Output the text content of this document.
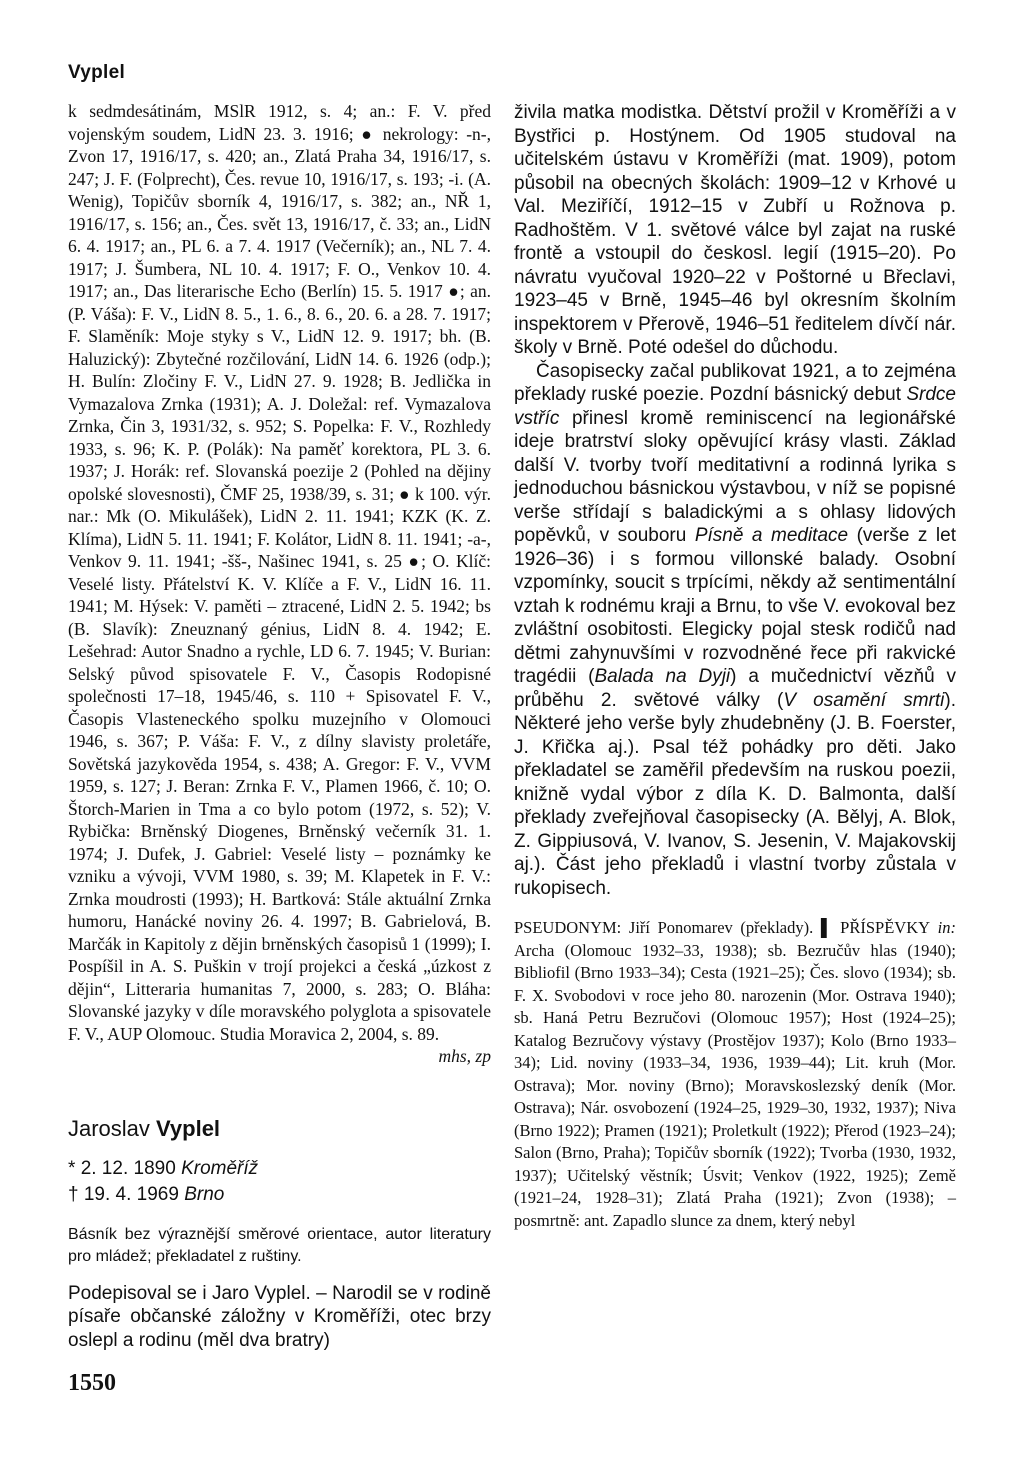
Vyplel
k sedmdesátinám, MSlR 1912, s. 4; an.: F. V. před vojenským soudem, LidN 23. 3. 1916; ● nekrology: -n-, Zvon 17, 1916/17, s. 420; an., Zlatá Praha 34, 1916/17, s. 247; J. F. (Folprecht), Čes. revue 10, 1916/17, s. 193; -i. (A. Wenig), Topičův sborník 4, 1916/17, s. 382; an., NŘ 1, 1916/17, s. 156; an., Čes. svět 13, 1916/17, č. 33; an., LidN 6. 4. 1917; an., PL 6. a 7. 4. 1917 (Večerník); an., NL 7. 4. 1917; J. Šumbera, NL 10. 4. 1917; F. O., Venkov 10. 4. 1917; an., Das literarische Echo (Berlín) 15. 5. 1917 ●; an. (P. Váša): F. V., LidN 8. 5., 1. 6., 8. 6., 20. 6. a 28. 7. 1917; F. Slaměník: Moje styky s V., LidN 12. 9. 1917; bh. (B. Haluzický): Zbytečné rozčilování, LidN 14. 6. 1926 (odp.); H. Bulín: Zločiny F. V., LidN 27. 9. 1928; B. Jedlička in Vymazalova Zrnka (1931); A. J. Doležal: ref. Vymazalova Zrnka, Čin 3, 1931/32, s. 952; S. Popelka: F. V., Rozhledy 1933, s. 96; K. P. (Polák): Na paměť korektora, PL 3. 6. 1937; J. Horák: ref. Slovanská poezije 2 (Pohled na dějiny opolské slovesnosti), ČMF 25, 1938/39, s. 31; ● k 100. výr. nar.: Mk (O. Mikulášek), LidN 2. 11. 1941; KZK (K. Z. Klíma), LidN 5. 11. 1941; F. Kolátor, LidN 8. 11. 1941; -a-, Venkov 9. 11. 1941; -šš-, Našinec 1941, s. 25 ●; O. Klíč: Veselé listy. Přátelství K. V. Klíče a F. V., LidN 16. 11. 1941; M. Hýsek: V. paměti – ztracené, LidN 2. 5. 1942; bs (B. Slavík): Zneuznaný génius, LidN 8. 4. 1942; E. Lešehrad: Autor Snadno a rychle, LD 6. 7. 1945; V. Burian: Selský původ spisovatele F. V., Časopis Rodopisné společnosti 17–18, 1945/46, s. 110 + Spisovatel F. V., Časopis Vlasteneckého spolku muzejního v Olomouci 1946, s. 367; P. Váša: F. V., z dílny slavisty proletáře, Sovětská jazykověda 1954, s. 438; A. Gregor: F. V., VVM 1959, s. 127; J. Beran: Zrnka F. V., Plamen 1966, č. 10; O. Štorch-Marien in Tma a co bylo potom (1972, s. 52); V. Rybička: Brněnský Diogenes, Brněnský večerník 31. 1. 1974; J. Dufek, J. Gabriel: Veselé listy – poznámky ke vzniku a vývoji, VVM 1980, s. 39; M. Klapetek in F. V.: Zrnka moudrosti (1993); H. Bartková: Stále aktuální Zrnka humoru, Hanácké noviny 26. 4. 1997; B. Gabrielová, B. Marčák in Kapitoly z dějin brněnských časopisů 1 (1999); I. Pospíšil in A. S. Puškin v trojí projekci a česká „úzkost z dějin“, Litteraria humanitas 7, 2000, s. 283; O. Bláha: Slovanské jazyky v díle moravského polyglota a spisovatele F. V., AUP Olomouc. Studia Moravica 2, 2004, s. 89.
mhs, zp
Jaroslav Vyplel
* 2. 12. 1890 Kroměříž
† 19. 4. 1969 Brno
Básník bez výraznější směrové orientace, autor literatury pro mládež; překladatel z ruštiny.

Podepisoval se i Jaro Vyplel. – Narodil se v rodině písaře občanské záložny v Kroměříži, otec brzy oslepl a rodinu (měl dva bratry)

živila matka modistka. Dětství prožil v Kroměříži a v Bystřici p. Hostýnem. Od 1905 studoval na učitelském ústavu v Kroměříži (mat. 1909), potom působil na obecných školách: 1909–12 v Krhové u Val. Meziříčí, 1912–15 v Zubří u Rožnova p. Radhoštěm. V 1. světové válce byl zajat na ruské frontě a vstoupil do českosl. legií (1915–20). Po návratu vyučoval 1920–22 v Poštorné u Břeclavi, 1923–45 v Brně, 1945–46 byl okresním školním inspektorem v Přerově, 1946–51 ředitelem dívčí nár. školy v Brně. Poté odešel do důchodu.

Časopisecky začal publikovat 1921, a to zejména překlady ruské poezie. Pozdní básnický debut Srdce vstříc přinesl kromě reminiscencí na legionářské ideje bratrství sloky opěvující krásy vlasti. Základ další V. tvorby tvoří meditativní a rodinná lyrika s jednoduchou básnickou výstavbou, v níž se popisné verše střídají s baladickými a s ohlasy lidových popěvků, v souboru Písně a meditace (verše z let 1926–36) i s formou villonské balady. Osobní vzpomínky, soucit s trpícími, někdy až sentimentální vztah k rodnému kraji a Brnu, to vše V. evokoval bez zvláštní osobitosti. Elegicky pojal stesk rodičů nad dětmi zahynuvšími v rozvodněné řece při rakvické tragédii (Balada na Dyji) a mučednictví vězňů v průběhu 2. světové války (V osamění smrti). Některé jeho verše byly zhudebněny (J. B. Foerster, J. Křička aj.). Psal též pohádky pro děti. Jako překladatel se zaměřil především na ruskou poezii, knižně vydal výbor z díla K. D. Balmonta, další překlady zveřejňoval časopisecky (A. Bělyj, A. Blok, Z. Gippiusová, V. Ivanov, S. Jesenin, V. Majakovskij aj.). Část jeho překladů i vlastní tvorby zůstala v rukopisech.

PSEUDONYM: Jiří Ponomarev (překlady). ▌ PŘÍSPĚVKY in: Archa (Olomouc 1932–33, 1938); sb. Bezručův hlas (1940); Bibliofil (Brno 1933–34); Cesta (1921–25); Čes. slovo (1934); sb. F. X. Svobodovi v roce jeho 80. narozenin (Mor. Ostrava 1940); sb. Haná Petru Bezručovi (Olomouc 1957); Host (1924–25); Katalog Bezručovy výstavy (Prostějov 1937); Kolo (Brno 1933–34); Lid. noviny (1933–34, 1936, 1939–44); Lit. kruh (Mor. Ostrava); Mor. noviny (Brno); Moravskoslezský deník (Mor. Ostrava); Nár. osvobození (1924–25, 1929–30, 1932, 1937); Niva (Brno 1922); Pramen (1921); Proletkult (1922); Přerod (1923–24); Salon (Brno, Praha); Topičův sborník (1922); Tvorba (1930, 1932, 1937); Učitelský věstník; Úsvit; Venkov (1922, 1925); Země (1921–24, 1928–31); Zlatá Praha (1921); Zvon (1938); – posmrtně: ant. Zapadlo slunce za dnem, který nebyl
1550
